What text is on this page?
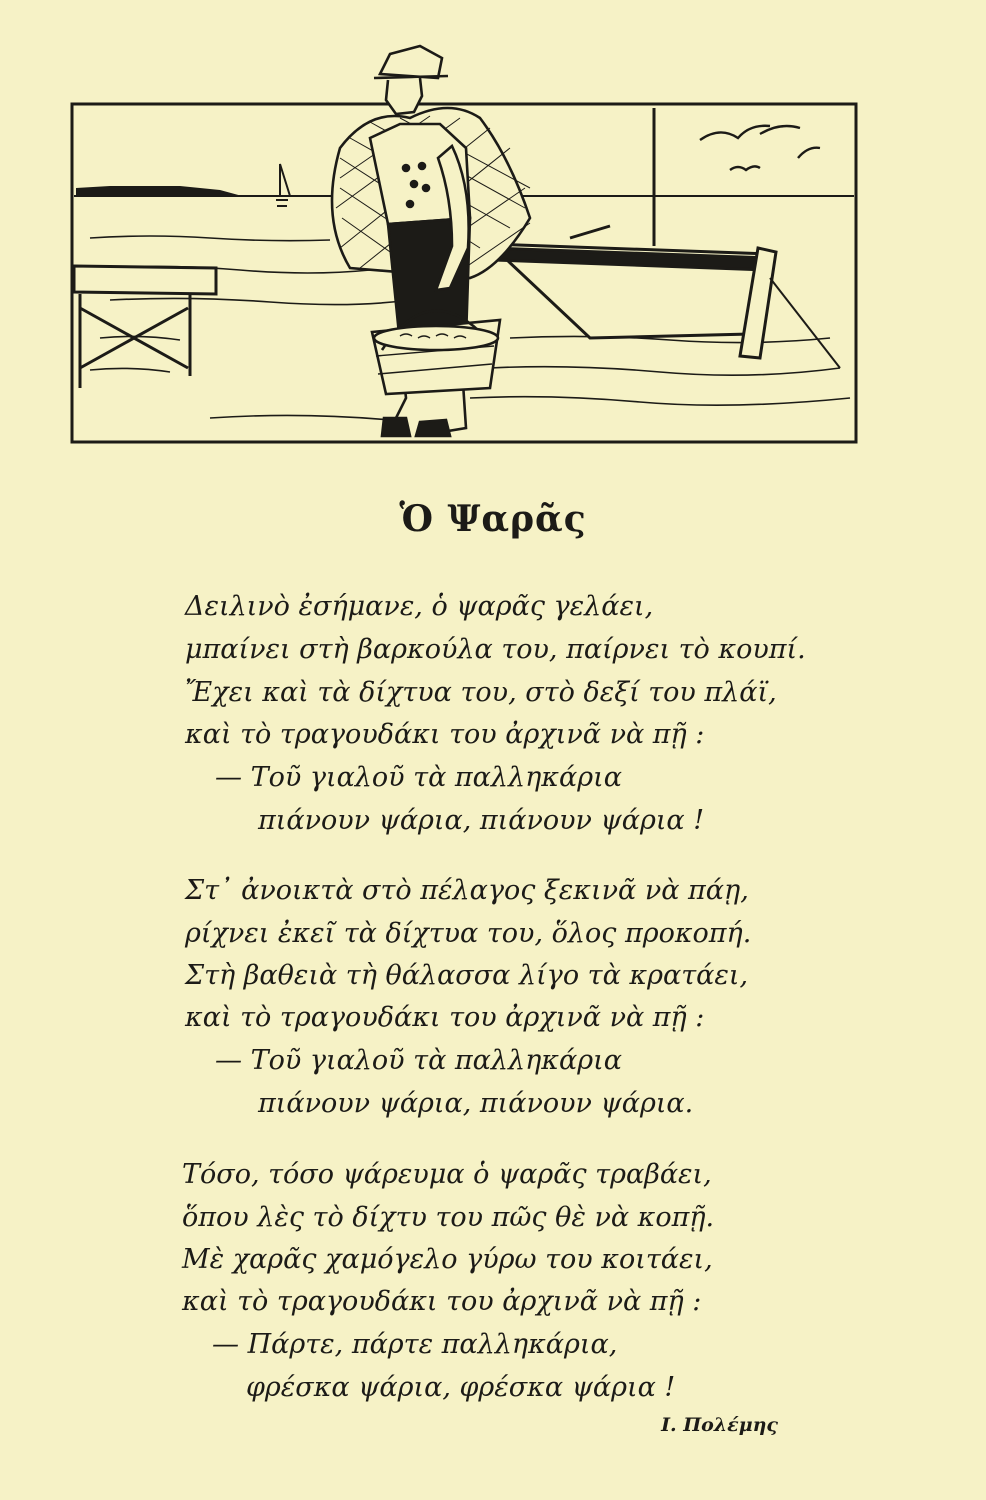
Ὁ Ψαρᾶς
Δειλινὸ ἐσήμανε, ὁ ψαρᾶς γελάει,
μπαίνει στὴ βαρκούλα του, παίρνει τὸ κουπί.
Ἔχει καὶ τὰ δίχτυα του, στὸ δεξί του πλάϊ,
καὶ τὸ τραγουδάκι του ἀρχινᾶ νὰ πῇ :
— Τοῦ γιαλοῦ τὰ παλληκάρια
πιάνουν ψάρια, πιάνουν ψάρια !
Στ᾽ ἀνοικτὰ στὸ πέλαγος ξεκινᾶ νὰ πάῃ,
ρίχνει ἐκεῖ τὰ δίχτυα του, ὅλος προκοπή.
Στὴ βαθειὰ τὴ θάλασσα λίγο τὰ κρατάει,
καὶ τὸ τραγουδάκι του ἀρχινᾶ νὰ πῇ :
— Τοῦ γιαλοῦ τὰ παλληκάρια
πιάνουν ψάρια, πιάνουν ψάρια.
Τόσο, τόσο ψάρευμα ὁ ψαρᾶς τραβάει,
ὅπου λὲς τὸ δίχτυ του πῶς θὲ νὰ κοπῇ.
Μὲ χαρᾶς χαμόγελο γύρω του κοιτάει,
καὶ τὸ τραγουδάκι του ἀρχινᾶ νὰ πῇ :
— Πάρτε, πάρτε παλληκάρια,
φρέσκα ψάρια, φρέσκα ψάρια !
Ι. Πολέμης
